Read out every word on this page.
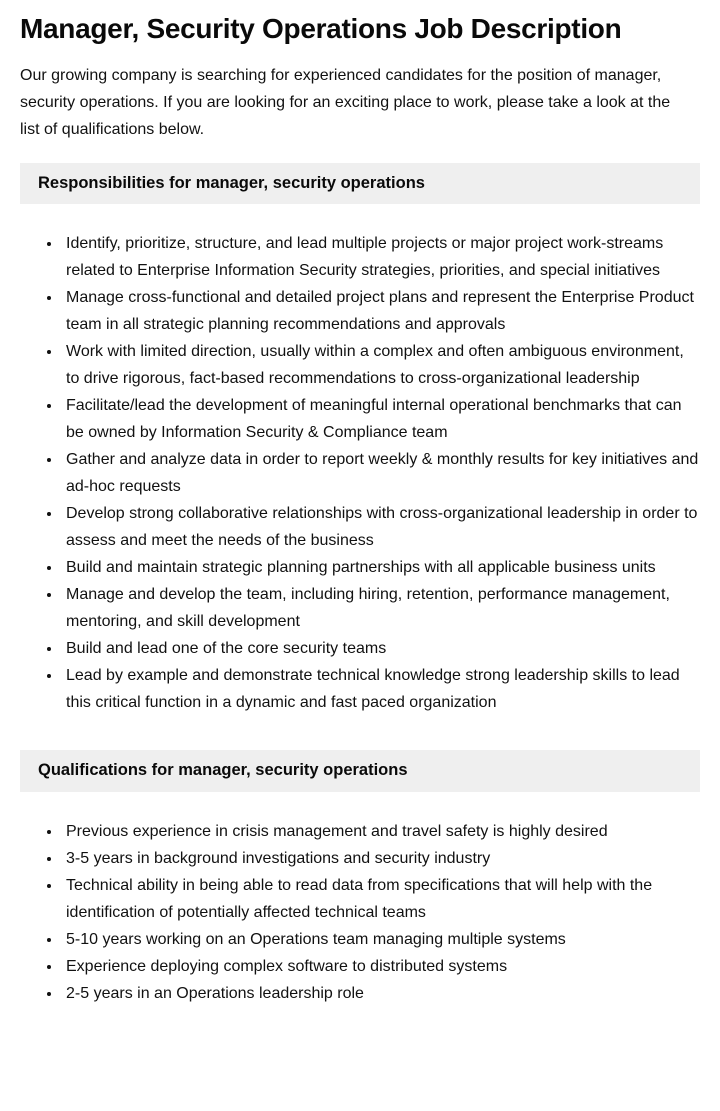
Manager, Security Operations Job Description

Our growing company is searching for experienced candidates for the position of manager, security operations. If you are looking for an exciting place to work, please take a look at the list of qualifications below.

Responsibilities for manager, security operations
• Identify, prioritize, structure, and lead multiple projects or major project work-streams related to Enterprise Information Security strategies, priorities, and special initiatives
• Manage cross-functional and detailed project plans and represent the Enterprise Product team in all strategic planning recommendations and approvals
• Work with limited direction, usually within a complex and often ambiguous environment, to drive rigorous, fact-based recommendations to cross-organizational leadership
• Facilitate/lead the development of meaningful internal operational benchmarks that can be owned by Information Security & Compliance team
• Gather and analyze data in order to report weekly & monthly results for key initiatives and ad-hoc requests
• Develop strong collaborative relationships with cross-organizational leadership in order to assess and meet the needs of the business
• Build and maintain strategic planning partnerships with all applicable business units
• Manage and develop the team, including hiring, retention, performance management, mentoring, and skill development
• Build and lead one of the core security teams
• Lead by example and demonstrate technical knowledge strong leadership skills to lead this critical function in a dynamic and fast paced organization
Qualifications for manager, security operations
• Previous experience in crisis management and travel safety is highly desired
• 3-5 years in background investigations and security industry
• Technical ability in being able to read data from specifications that will help with the identification of potentially affected technical teams
• 5-10 years working on an Operations team managing multiple systems
• Experience deploying complex software to distributed systems
• 2-5 years in an Operations leadership role
